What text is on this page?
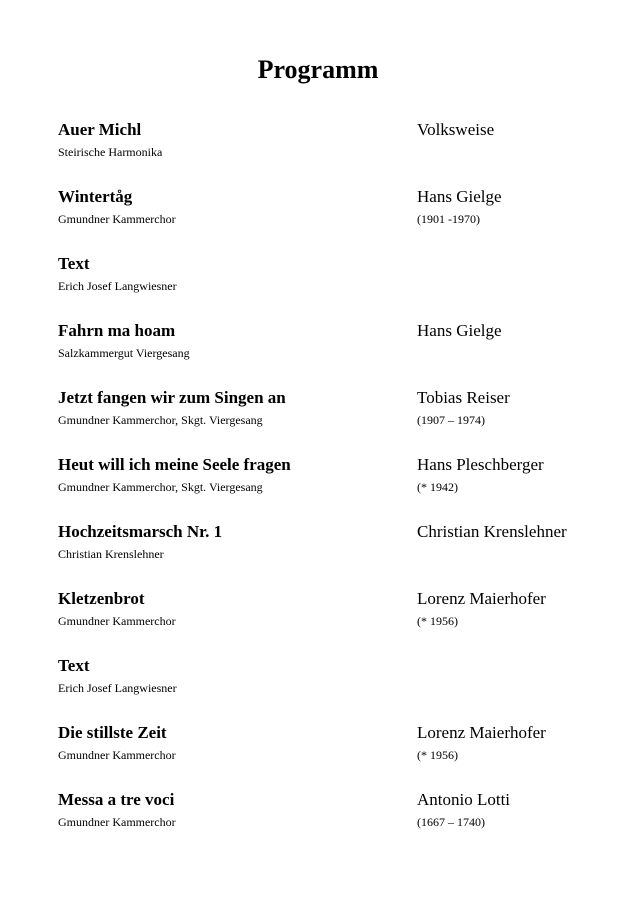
Programm
Auer Michl
Steirische Harmonika
Volksweise
Wintertåg
Gmundner Kammerchor
Hans Gielge
(1901 -1970)
Text
Erich Josef Langwiesner
Fahrn ma hoam
Salzkammergut Viergesang
Hans Gielge
Jetzt fangen wir zum Singen an
Gmundner Kammerchor, Skgt. Viergesang
Tobias Reiser
(1907 – 1974)
Heut will ich meine Seele fragen
Gmundner Kammerchor, Skgt. Viergesang
Hans Pleschberger
(* 1942)
Hochzeitsmarsch Nr. 1
Christian Krenslehner
Christian Krenslehner
Kletzenbrot
Gmundner Kammerchor
Lorenz Maierhofer
(* 1956)
Text
Erich Josef Langwiesner
Die stillste Zeit
Gmundner Kammerchor
Lorenz Maierhofer
(* 1956)
Messa a tre voci
Gmundner Kammerchor
Antonio Lotti
(1667 – 1740)
